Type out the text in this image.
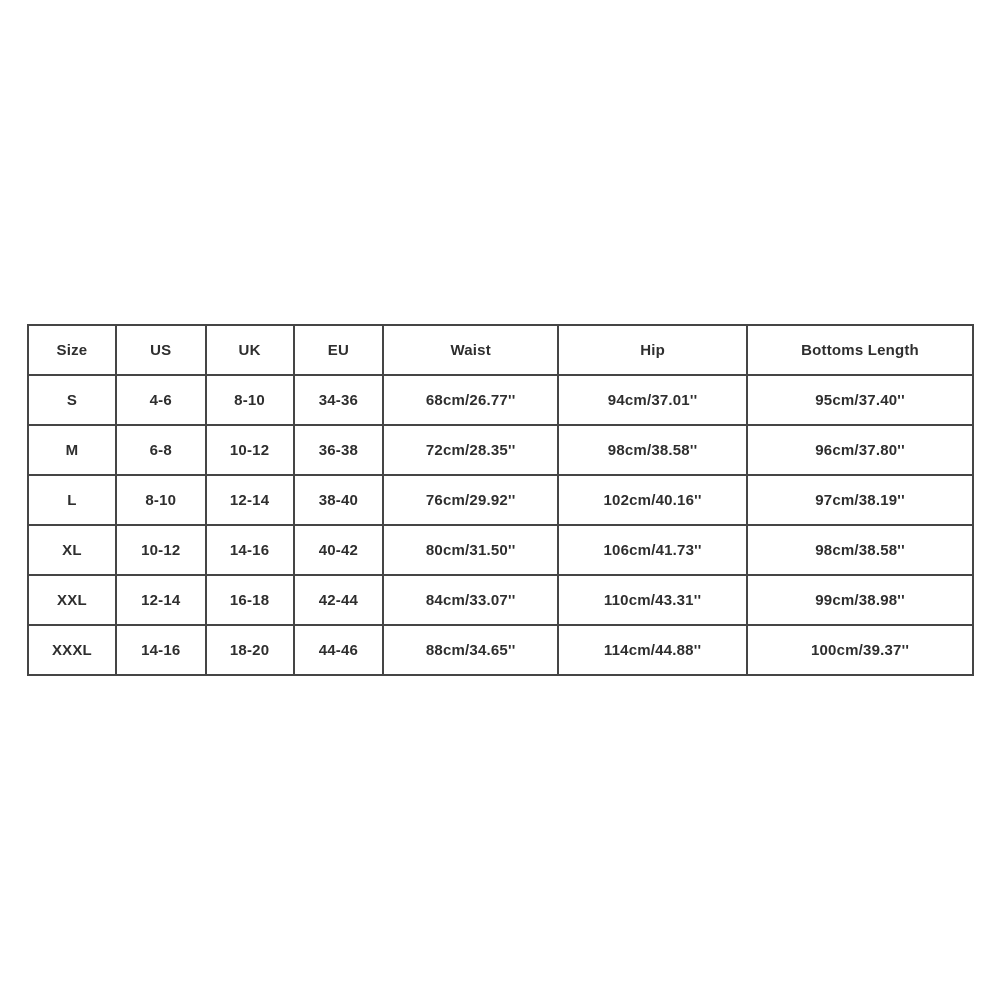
Size	US	UK	EU	Waist	Hip	Bottoms Length
S	4-6	8-10	34-36	68cm/26.77''	94cm/37.01''	95cm/37.40''
M	6-8	10-12	36-38	72cm/28.35''	98cm/38.58''	96cm/37.80''
L	8-10	12-14	38-40	76cm/29.92''	102cm/40.16''	97cm/38.19''
XL	10-12	14-16	40-42	80cm/31.50''	106cm/41.73''	98cm/38.58''
XXL	12-14	16-18	42-44	84cm/33.07''	110cm/43.31''	99cm/38.98''
XXXL	14-16	18-20	44-46	88cm/34.65''	114cm/44.88''	100cm/39.37''
